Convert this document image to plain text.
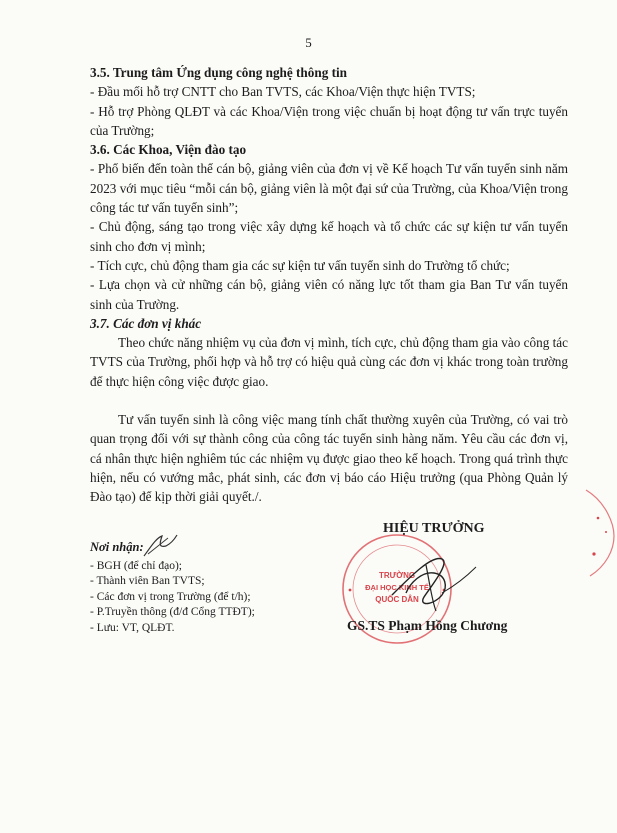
5

3.5. Trung tâm Ứng dụng công nghệ thông tin

- Đầu mối hỗ trợ CNTT cho Ban TVTS, các Khoa/Viện thực hiện TVTS;

- Hỗ trợ Phòng QLĐT và các Khoa/Viện trong việc chuẩn bị hoạt động tư vấn trực tuyến của Trường;

3.6. Các Khoa, Viện đào tạo

- Phổ biến đến toàn thể cán bộ, giảng viên của đơn vị về Kế hoạch Tư vấn tuyển sinh năm 2023 với mục tiêu “mỗi cán bộ, giảng viên là một đại sứ của Trường, của Khoa/Viện trong công tác tư vấn tuyển sinh”;

- Chủ động, sáng tạo trong việc xây dựng kế hoạch và tổ chức các sự kiện tư vấn tuyển sinh cho đơn vị mình;

- Tích cực, chủ động tham gia các sự kiện tư vấn tuyển sinh do Trường tổ chức;

- Lựa chọn và cử những cán bộ, giảng viên có năng lực tốt tham gia Ban Tư vấn tuyển sinh của Trường.

3.7. Các đơn vị khác

Theo chức năng nhiệm vụ của đơn vị mình, tích cực, chủ động tham gia vào công tác TVTS của Trường, phối hợp và hỗ trợ có hiệu quả cùng các đơn vị khác trong toàn trường để thực hiện công việc được giao.

Tư vấn tuyển sinh là công việc mang tính chất thường xuyên của Trường, có vai trò quan trọng đối với sự thành công của công tác tuyển sinh hàng năm. Yêu cầu các đơn vị, cá nhân thực hiện nghiêm túc các nhiệm vụ được giao theo kế hoạch. Trong quá trình thực hiện, nếu có vướng mắc, phát sinh, các đơn vị báo cáo Hiệu trưởng (qua Phòng Quản lý Đào tạo) để kịp thời giải quyết./.

Nơi nhận:
- BGH (để chỉ đạo);
- Thành viên Ban TVTS;
- Các đơn vị trong Trường (để t/h);
- P.Truyền thông (đ/đ Cổng TTĐT);
- Lưu: VT, QLĐT.
HIỆU TRƯỞNG
TRƯỜNG
ĐẠI HỌC KINH TẾ
QUỐC DÂN
GS.TS Phạm Hồng Chương
